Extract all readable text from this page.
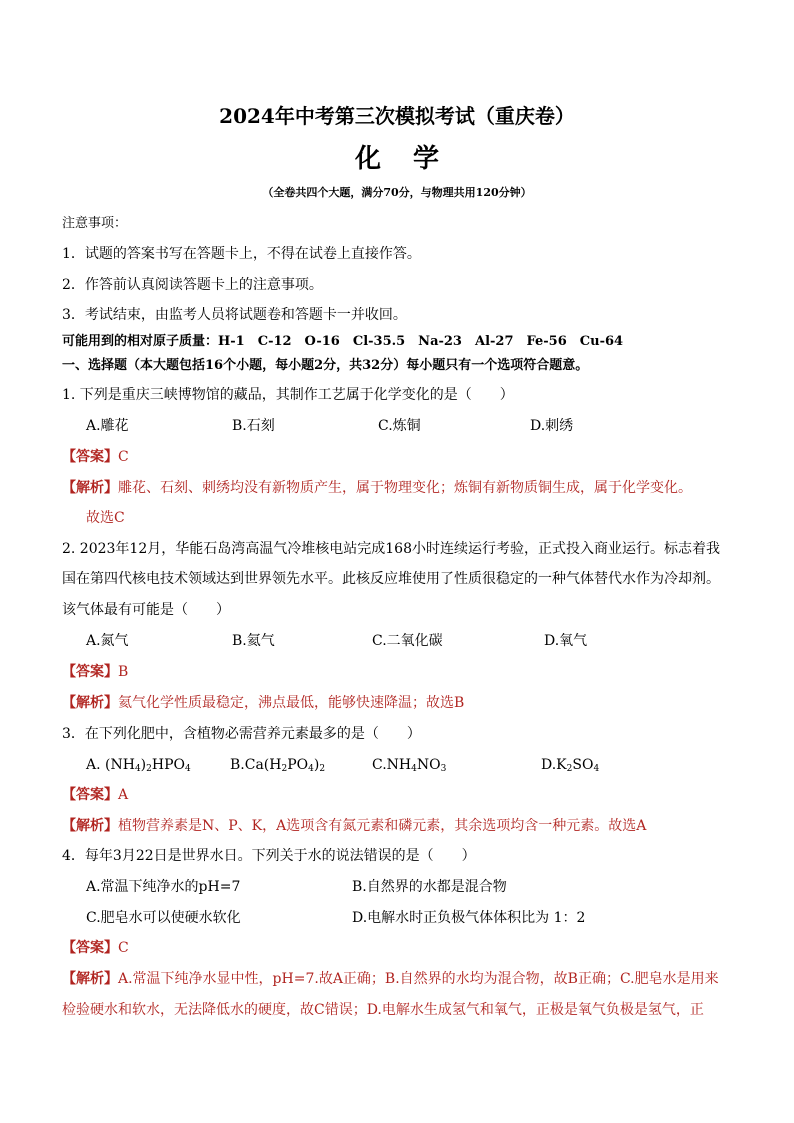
2024年中考第三次模拟考试（重庆卷）
化学
（全卷共四个大题，满分70分，与物理共用120分钟）
注意事项：
1．试题的答案书写在答题卡上，不得在试卷上直接作答。
2．作答前认真阅读答题卡上的注意事项。
3．考试结束，由监考人员将试题卷和答题卡一并收回。
可能用到的相对原子质量：H-1　C-12　O-16　Cl-35.5　Na-23　Al-27　Fe-56　Cu-64
一、选择题（本大题包括16个小题，每小题2分，共32分）每小题只有一个选项符合题意。
1. 下列是重庆三峡博物馆的藏品，其制作工艺属于化学变化的是（　　）
A.雕花	B.石刻	C.炼铜	D.刺绣
【答案】C
【解析】雕花、石刻、刺绣均没有新物质产生，属于物理变化；炼铜有新物质铜生成，属于化学变化。
故选C
2. 2023年12月，华能石岛湾高温气冷堆核电站完成168小时连续运行考验，正式投入商业运行。标志着我
国在第四代核电技术领域达到世界领先水平。此核反应堆使用了性质很稳定的一种气体替代水作为冷却剂。
该气体最有可能是（　　）
A.氮气	B.氦气	C.二氧化碳	D.氧气
【答案】B
【解析】氦气化学性质最稳定，沸点最低，能够快速降温；故选B
3．在下列化肥中，含植物必需营养元素最多的是（　　）
A. $(NH_4)_2HPO_4$	$B.Ca(H_2PO_4)_2$	$C.NH_4NO_3$	$D.K_2SO_4$
【答案】A
【解析】植物营养素是N、P、K，A选项含有氮元素和磷元素，其余选项均含一种元素。故选A
4．每年3月22日是世界水日。下列关于水的说法错误的是（　　）
A.常温下纯净水的pH=7	B.自然界的水都是混合物
C.肥皂水可以使硬水软化	D.电解水时正负极气体体积比为 1：2
【答案】C
【解析】A.常温下纯净水显中性，pH=7.故A正确；B.自然界的水均为混合物，故B正确；C.肥皂水是用来
检验硬水和软水，无法降低水的硬度，故C错误；D.电解水生成氢气和氧气，正极是氧气负极是氢气，正
